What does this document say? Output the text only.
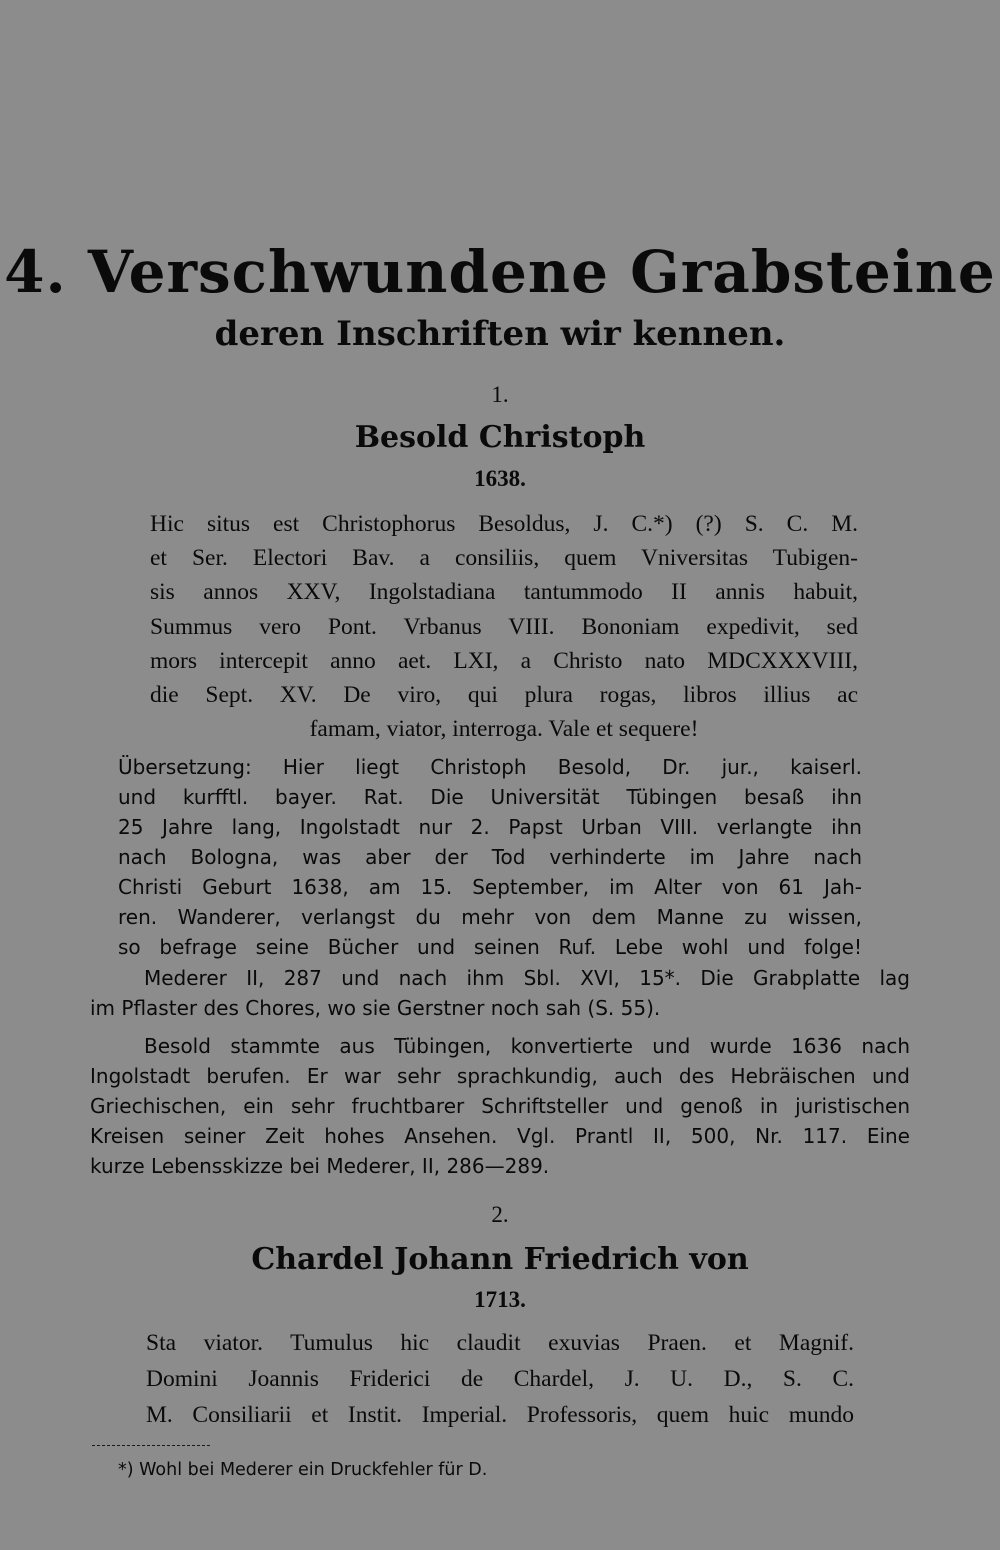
4. Verschwundene Grabsteine
deren Inschriften wir kennen.
1.
Besold Christoph
1638.
Hic situs est Christophorus Besoldus, J. C.*) (?) S. C. M.
et Ser. Electori Bav. a consiliis, quem Vniversitas Tubigen-
sis annos XXV, Ingolstadiana tantummodo II annis habuit,
Summus vero Pont. Vrbanus VIII. Bononiam expedivit, sed
mors intercepit anno aet. LXI, a Christo nato MDCXXXVIII,
die Sept. XV. De viro, qui plura rogas, libros illius ac
famam, viator, interroga. Vale et sequere!
Übersetzung: Hier liegt Christoph Besold, Dr. jur., kaiserl.
und kurfftl. bayer. Rat. Die Universität Tübingen besaß ihn
25 Jahre lang, Ingolstadt nur 2. Papst Urban VIII. verlangte ihn
nach Bologna, was aber der Tod verhinderte im Jahre nach
Christi Geburt 1638, am 15. September, im Alter von 61 Jah-
ren. Wanderer, verlangst du mehr von dem Manne zu wissen,
so befrage seine Bücher und seinen Ruf. Lebe wohl und folge!
Mederer II, 287 und nach ihm Sbl. XVI, 15*. Die Grabplatte lag
im Pflaster des Chores, wo sie Gerstner noch sah (S. 55).
Besold stammte aus Tübingen, konvertierte und wurde 1636 nach
Ingolstadt berufen. Er war sehr sprachkundig, auch des Hebräischen und
Griechischen, ein sehr fruchtbarer Schriftsteller und genoß in juristischen
Kreisen seiner Zeit hohes Ansehen. Vgl. Prantl II, 500, Nr. 117. Eine
kurze Lebensskizze bei Mederer, II, 286—289.
2.
Chardel Johann Friedrich von
1713.
Sta viator. Tumulus hic claudit exuvias Praen. et Magnif.
Domini Joannis Friderici de Chardel, J. U. D., S. C.
M. Consiliarii et Instit. Imperial. Professoris, quem huic mundo
*) Wohl bei Mederer ein Druckfehler für D.
